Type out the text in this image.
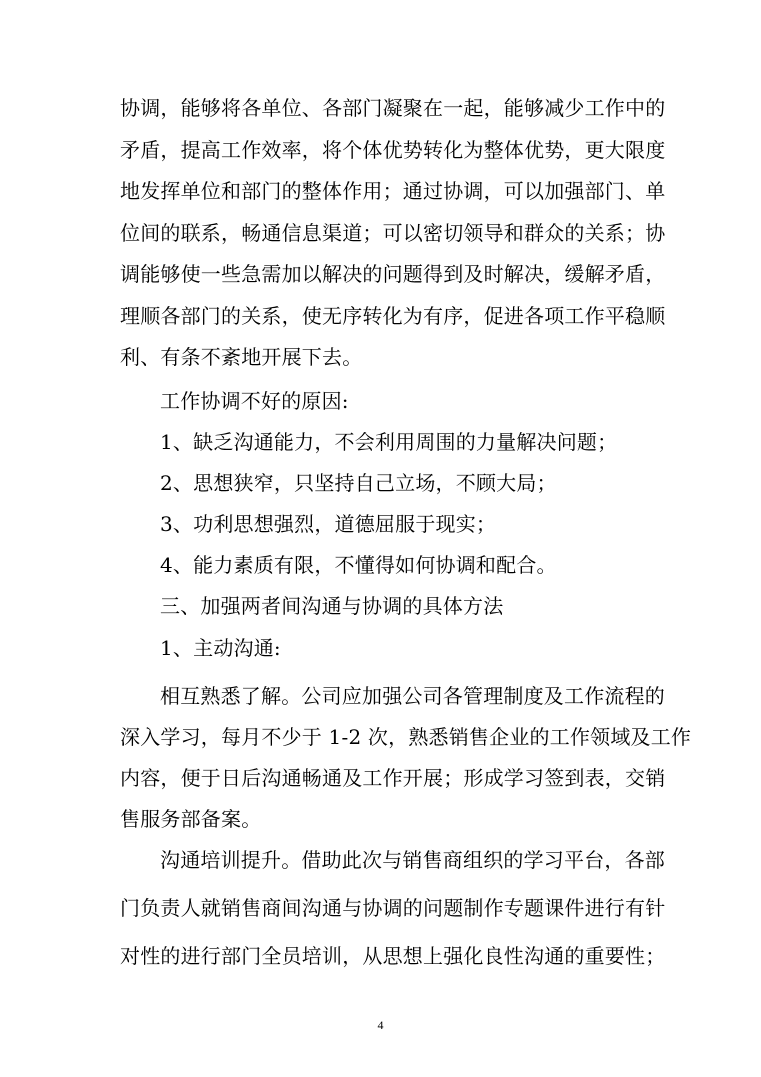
协调，能够将各单位、各部门凝聚在一起，能够减少工作中的
矛盾，提高工作效率，将个体优势转化为整体优势，更大限度
地发挥单位和部门的整体作用；通过协调，可以加强部门、单
位间的联系，畅通信息渠道；可以密切领导和群众的关系；协
调能够使一些急需加以解决的问题得到及时解决，缓解矛盾，
理顺各部门的关系，使无序转化为有序，促进各项工作平稳顺
利、有条不紊地开展下去。
工作协调不好的原因:
1、缺乏沟通能力，不会利用周围的力量解决问题；
2、思想狭窄，只坚持自己立场，不顾大局；
3、功利思想强烈，道德屈服于现实；
4、能力素质有限，不懂得如何协调和配合。
三、加强两者间沟通与协调的具体方法
1、主动沟通:
相互熟悉了解。公司应加强公司各管理制度及工作流程的
深入学习，每月不少于 1-2 次，熟悉销售企业的工作领域及工作
内容，便于日后沟通畅通及工作开展；形成学习签到表，交销
售服务部备案。
沟通培训提升。借助此次与销售商组织的学习平台，各部
门负责人就销售商间沟通与协调的问题制作专题课件进行有针
对性的进行部门全员培训，从思想上强化良性沟通的重要性；
4
